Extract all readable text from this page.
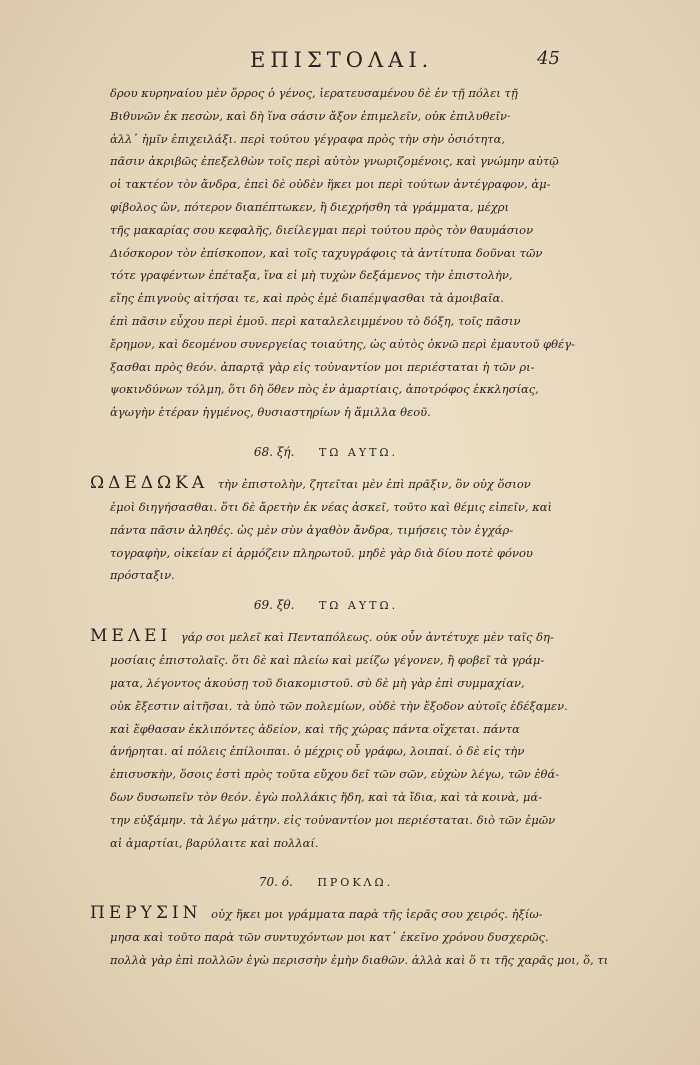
ΕΠΙΣΤΟΛΑΙ.	45
δρου κυρηναίου μὲν ὅρρος ὁ γένος, ἱερατευσαμένου δὲ ἐν τῇ πόλει τῇ
Βιθυνῶν ἐκ πεσὼν, καὶ δὴ ἵνα σάσιν ἄξον ἐπιμελεῖν, οὐκ ἐπιλυθεῖν·
ἀλλ᾽ ἡμῖν ἐπιχειλάξι. περὶ τούτου γέγραφα πρὸς τὴν σὴν ὁσιότητα,
πᾶσιν ἀκριβῶς ἐπεξελθὼν τοῖς περὶ αὐτὸν γνωριζομένοις, καὶ γνώμην αὐτῷ
οἱ τακτέον τὸν ἄνδρα, ἐπεὶ δὲ οὐδὲν ἥκει μοι περὶ τούτων ἀντέγραφον, ἀμ-
φίβολος ὢν, πότερον διαπέπτωκεν, ἢ διεχρήσθη τὰ γράμματα, μέχρι
τῆς μακαρίας σου κεφαλῆς, διείλεγμαι περὶ τούτου πρὸς τὸν θαυμάσιον
Διόσκορον τὸν ἐπίσκοπον, καὶ τοῖς ταχυγράφοις τὰ ἀντίτυπα δοῦναι τῶν
τότε γραφέντων ἐπέταξα, ἵνα εἰ μὴ τυχὼν δεξάμενος τὴν ἐπιστολὴν,
εἴης ἐπιγνοὺς αἰτήσαι τε, καὶ πρὸς ἐμὲ διαπέμψασθαι τὰ ἀμοιβαῖα.
ἐπὶ πᾶσιν εὖχου περὶ ἐμοῦ. περὶ καταλελειμμένου τὸ δόξη, τοῖς πᾶσιν
ἔρημον, καὶ δεομένου συνεργείας τοιαύτης, ὡς αὐτὸς ὀκνῶ περὶ ἐμαυτοῦ φθέγ-
ξασθαι πρὸς θεόν. ἀπαρτᾷ γὰρ εἰς τοὐναντίον μοι περιέσταται ἡ τῶν ρι-
ψοκινδύνων τόλμη, ὅτι δὴ ὅθεν πὸς ἐν ἁμαρτίαις, ἀποτρόφος ἐκκλησίας,
ἀγωγὴν ἑτέραν ἡγμένος, θυσιαστηρίων ἡ ἅμιλλα θεοῦ.
68. ξή. ΤΩ ΑΥΤΩ.
ΩΔΕΔΩΚΑ τὴν ἐπιστολὴν, ζητεῖται μὲν ἐπὶ πρᾶξιν, ὃν οὐχ ὅσιον
ἐμοὶ διηγήσασθαι. ὅτι δὲ ἄρετὴν ἐκ νέας ἀσκεῖ, τοῦτο καὶ θέμις εἰπεῖν, καὶ
πάντα πᾶσιν ἀληθές. ὡς μὲν σὺν ἀγαθὸν ἄνδρα, τιμήσεις τὸν ἐγχάρ-
τογραφὴν, οἰκείαν εἰ ἀρμόζειν πληρωτοῦ. μηδὲ γὰρ διὰ δίου ποτὲ φόνου
πρόσταξιν.
69. ξθ. ΤΩ ΑΥΤΩ.
ΜΕΛΕΙ γάρ σοι μελεῖ καὶ Πενταπόλεως. οὐκ οὖν ἀντέτυχε μὲν ταῖς δη-
μοσίαις ἐπιστολαῖς. ὅτι δὲ καὶ πλείω καὶ μείζω γέγονεν, ἢ φοβεῖ τὰ γράμ-
ματα, λέγοντος ἀκούσῃ τοῦ διακομιστοῦ. σὺ δὲ μὴ γὰρ ἐπὶ συμμαχίαν,
οὐκ ἔξεστιν αἰτῆσαι. τὰ ὑπὸ τῶν πολεμίων, οὐδὲ τὴν ἔξοδον αὐτοῖς ἐδέξαμεν.
καὶ ἔφθασαν ἐκλιπόντες ἀδείον, καὶ τῆς χώρας πάντα οἴχεται. πάντα
ἀνήρηται. αἱ πόλεις ἐπίλοιπαι. ὁ μέχρις οὗ γράφω, λοιπαί. ὁ δὲ εἰς τὴν
ἐπισυσκὴν, ὅσοις ἐστὶ πρὸς τοῦτα εὔχου δεῖ τῶν σῶν, εὐχὼν λέγω, τῶν ἐθά-
δων δυσωπεῖν τὸν θεόν. ἐγὼ πολλάκις ἤδη, καὶ τὰ ἴδια, καὶ τὰ κοινὰ, μά-
την εὐξάμην. τὰ λέγω μάτην. εἰς τοὐναντίον μοι περιέσταται. διὸ τῶν ἐμῶν
αἱ ἁμαρτίαι, βαρύλαιτε καὶ πολλαί.
70. ό. ΠΡΟΚΛΩ.
ΠΕΡΥΣΙΝ οὐχ ἥκει μοι γράμματα παρὰ τῆς ἱερᾶς σου χειρός. ἠξίω-
μησα καὶ τοῦτο παρὰ τῶν συντυχόντων μοι κατ᾽ ἐκεῖνο χρόνου δυσχερῶς.
πολλὰ γὰρ ἐπὶ πολλῶν ἐγὼ περισσὴν ἐμὴν διαθῶν. ἀλλὰ καὶ ὅ τι τῆς χαρᾶς μοι, ὅ, τι
